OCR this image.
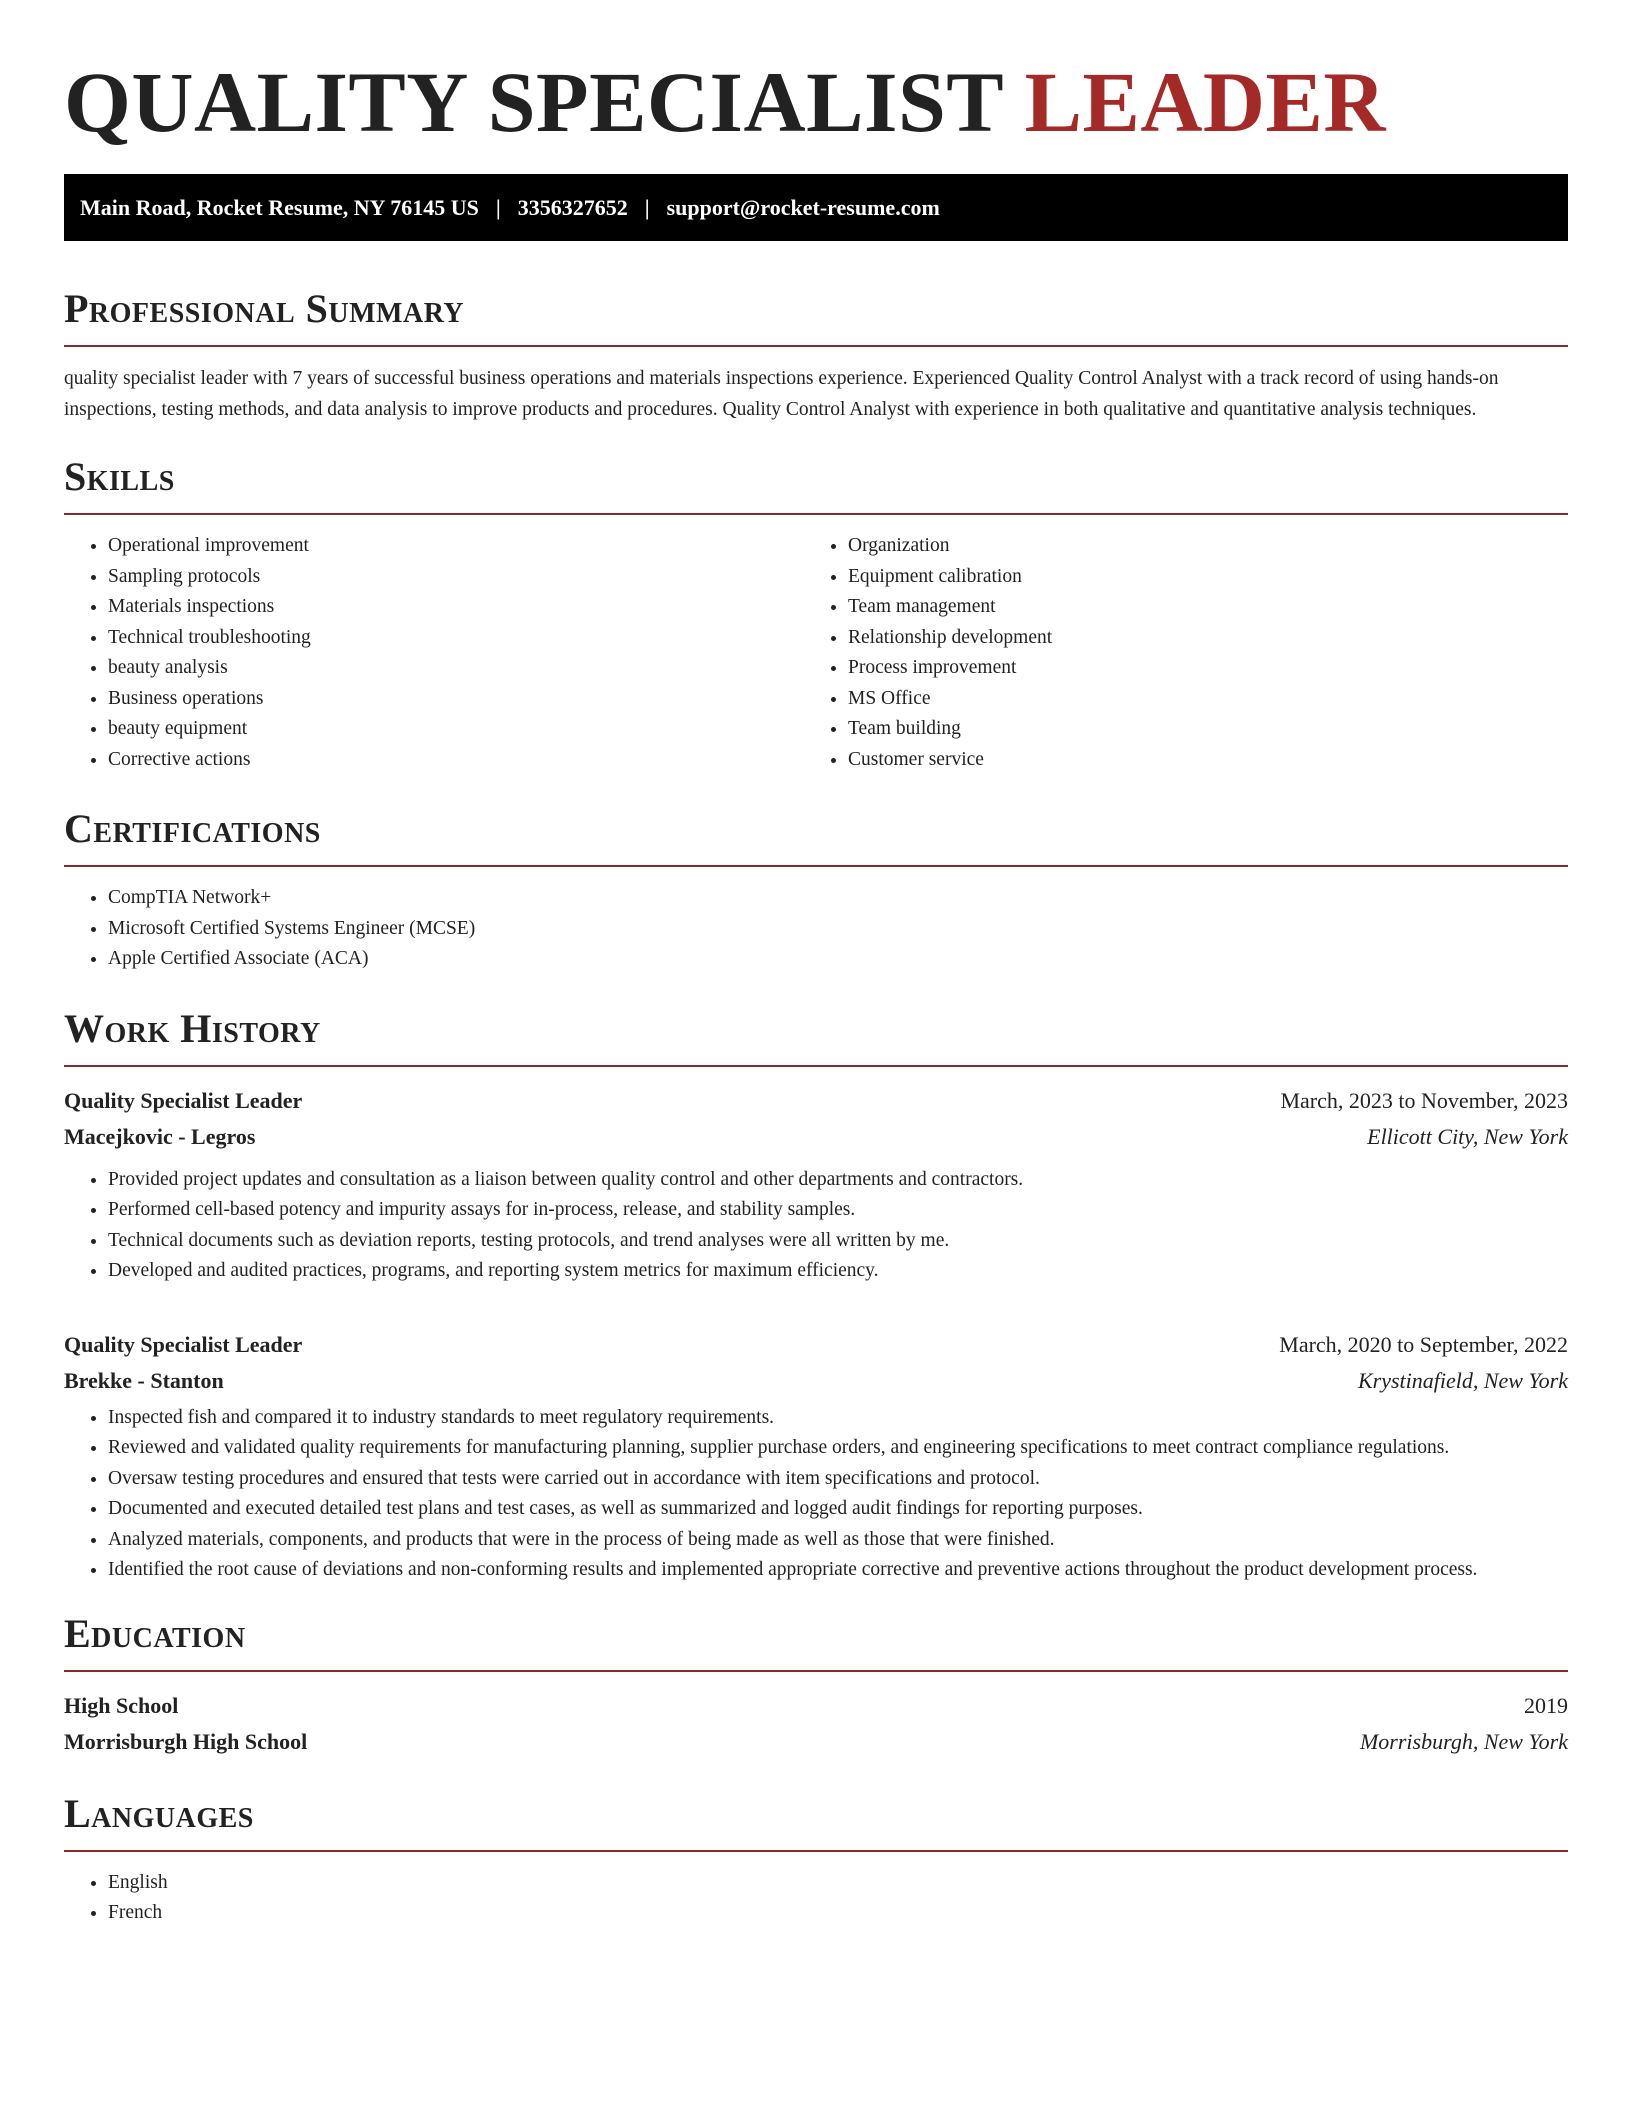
QUALITY SPECIALIST LEADER
Main Road, Rocket Resume, NY 76145 US | 3356327652 | support@rocket-resume.com
Professional Summary

quality specialist leader with 7 years of successful business operations and materials inspections experience. Experienced Quality Control Analyst with a track record of using hands-on inspections, testing methods, and data analysis to improve products and procedures. Quality Control Analyst with experience in both qualitative and quantitative analysis techniques.

Skills
• Operational improvement
• Sampling protocols
• Materials inspections
• Technical troubleshooting
• beauty analysis
• Business operations
• beauty equipment
• Corrective actions
• Organization
• Equipment calibration
• Team management
• Relationship development
• Process improvement
• MS Office
• Team building
• Customer service
Certifications
• CompTIA Network+
• Microsoft Certified Systems Engineer (MCSE)
• Apple Certified Associate (ACA)
Work History
Quality Specialist Leader	March, 2023 to November, 2023
Macejkovic - Legros	Ellicott City, New York
• Provided project updates and consultation as a liaison between quality control and other departments and contractors.
• Performed cell-based potency and impurity assays for in-process, release, and stability samples.
• Technical documents such as deviation reports, testing protocols, and trend analyses were all written by me.
• Developed and audited practices, programs, and reporting system metrics for maximum efficiency.
Quality Specialist Leader	March, 2020 to September, 2022
Brekke - Stanton	Krystinafield, New York
• Inspected fish and compared it to industry standards to meet regulatory requirements.
• Reviewed and validated quality requirements for manufacturing planning, supplier purchase orders, and engineering specifications to meet contract compliance regulations.
• Oversaw testing procedures and ensured that tests were carried out in accordance with item specifications and protocol.
• Documented and executed detailed test plans and test cases, as well as summarized and logged audit findings for reporting purposes.
• Analyzed materials, components, and products that were in the process of being made as well as those that were finished.
• Identified the root cause of deviations and non-conforming results and implemented appropriate corrective and preventive actions throughout the product development process.
Education
High School	2019
Morrisburgh High School	Morrisburgh, New York
Languages
• English
• French
